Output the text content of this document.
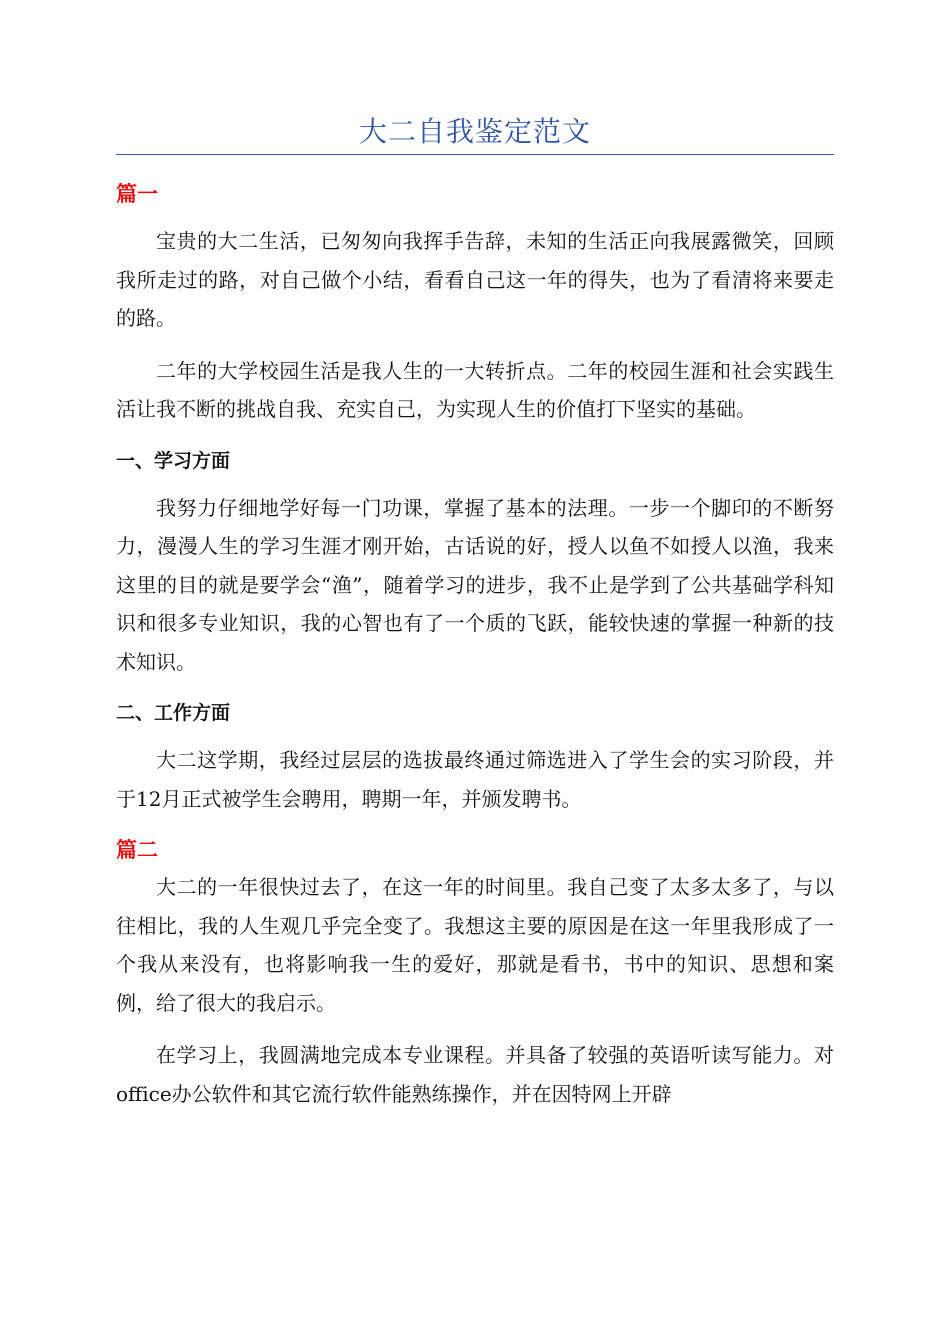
大二自我鉴定范文
篇一

宝贵的大二生活，已匆匆向我挥手告辞，未知的生活正向我展露微笑，回顾我所走过的路，对自己做个小结，看看自己这一年的得失，也为了看清将来要走的路。

二年的大学校园生活是我人生的一大转折点。二年的校园生涯和社会实践生活让我不断的挑战自我、充实自己，为实现人生的价值打下坚实的基础。

一、学习方面

我努力仔细地学好每一门功课，掌握了基本的法理。一步一个脚印的不断努力，漫漫人生的学习生涯才刚开始，古话说的好，授人以鱼不如授人以渔，我来这里的目的就是要学会“渔”，随着学习的进步，我不止是学到了公共基础学科知识和很多专业知识，我的心智也有了一个质的飞跃，能较快速的掌握一种新的技术知识。

二、工作方面

大二这学期，我经过层层的选拔最终通过筛选进入了学生会的实习阶段，并于12月正式被学生会聘用，聘期一年，并颁发聘书。

篇二

大二的一年很快过去了，在这一年的时间里。我自己变了太多太多了，与以往相比，我的人生观几乎完全变了。我想这主要的原因是在这一年里我形成了一个我从来没有，也将影响我一生的爱好，那就是看书，书中的知识、思想和案例，给了很大的我启示。

在学习上，我圆满地完成本专业课程。并具备了较强的英语听读写能力。对office办公软件和其它流行软件能熟练操作，并在因特网上开辟
